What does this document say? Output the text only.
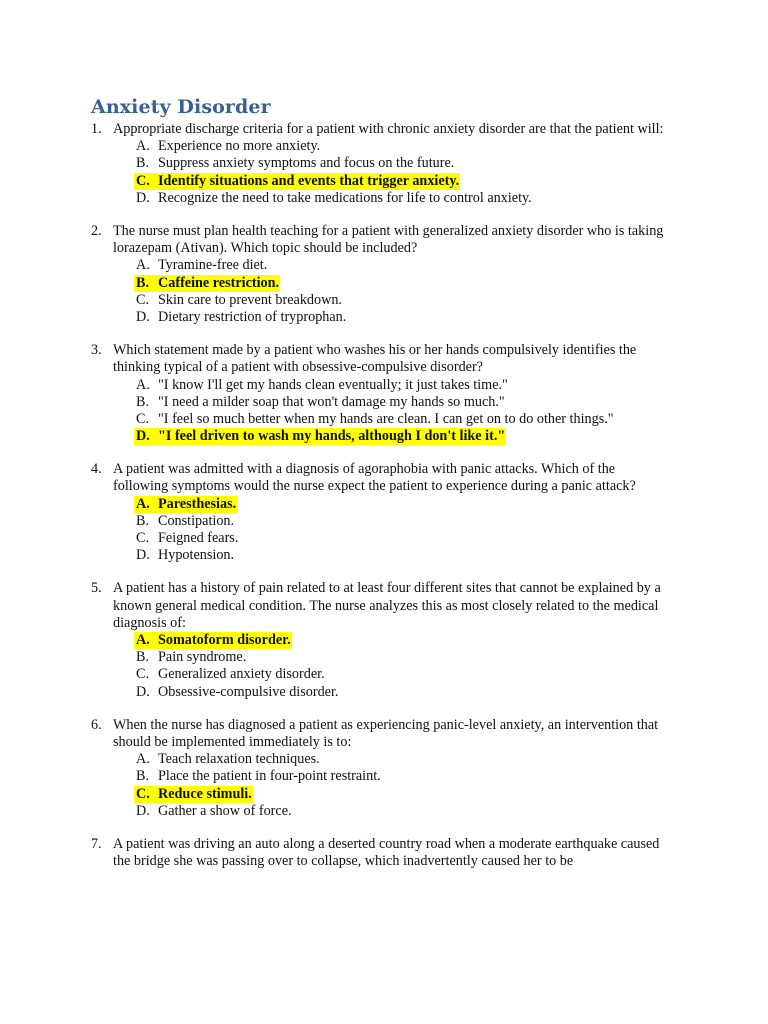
Anxiety Disorder
1. Appropriate discharge criteria for a patient with chronic anxiety disorder are that the patient will:
A. Experience no more anxiety.
B. Suppress anxiety symptoms and focus on the future.

C. Identify situations and events that trigger anxiety.
D. Recognize the need to take medications for life to control anxiety.
2. The nurse must plan health teaching for a patient with generalized anxiety disorder who is taking lorazepam (Ativan). Which topic should be included?
A. Tyramine-free diet.

B. Caffeine restriction.
C. Skin care to prevent breakdown.
D. Dietary restriction of tryprophan.
3. Which statement made by a patient who washes his or her hands compulsively identifies the thinking typical of a patient with obsessive-compulsive disorder?
A. "I know I'll get my hands clean eventually; it just takes time."
B. "I need a milder soap that won't damage my hands so much."
C. "I feel so much better when my hands are clean. I can get on to do other things."

D. "I feel driven to wash my hands, although I don't like it."
4. A patient was admitted with a diagnosis of agoraphobia with panic attacks. Which of the following symptoms would the nurse expect the patient to experience during a panic attack?

A. Paresthesias.
B. Constipation.
C. Feigned fears.
D. Hypotension.
5. A patient has a history of pain related to at least four different sites that cannot be explained by a known general medical condition. The nurse analyzes this as most closely related to the medical diagnosis of:

A. Somatoform disorder.
B. Pain syndrome.
C. Generalized anxiety disorder.
D. Obsessive-compulsive disorder.
6. When the nurse has diagnosed a patient as experiencing panic-level anxiety, an intervention that should be implemented immediately is to:
A. Teach relaxation techniques.
B. Place the patient in four-point restraint.

C. Reduce stimuli.
D. Gather a show of force.
7. A patient was driving an auto along a deserted country road when a moderate earthquake caused the bridge she was passing over to collapse, which inadvertently caused her to be
